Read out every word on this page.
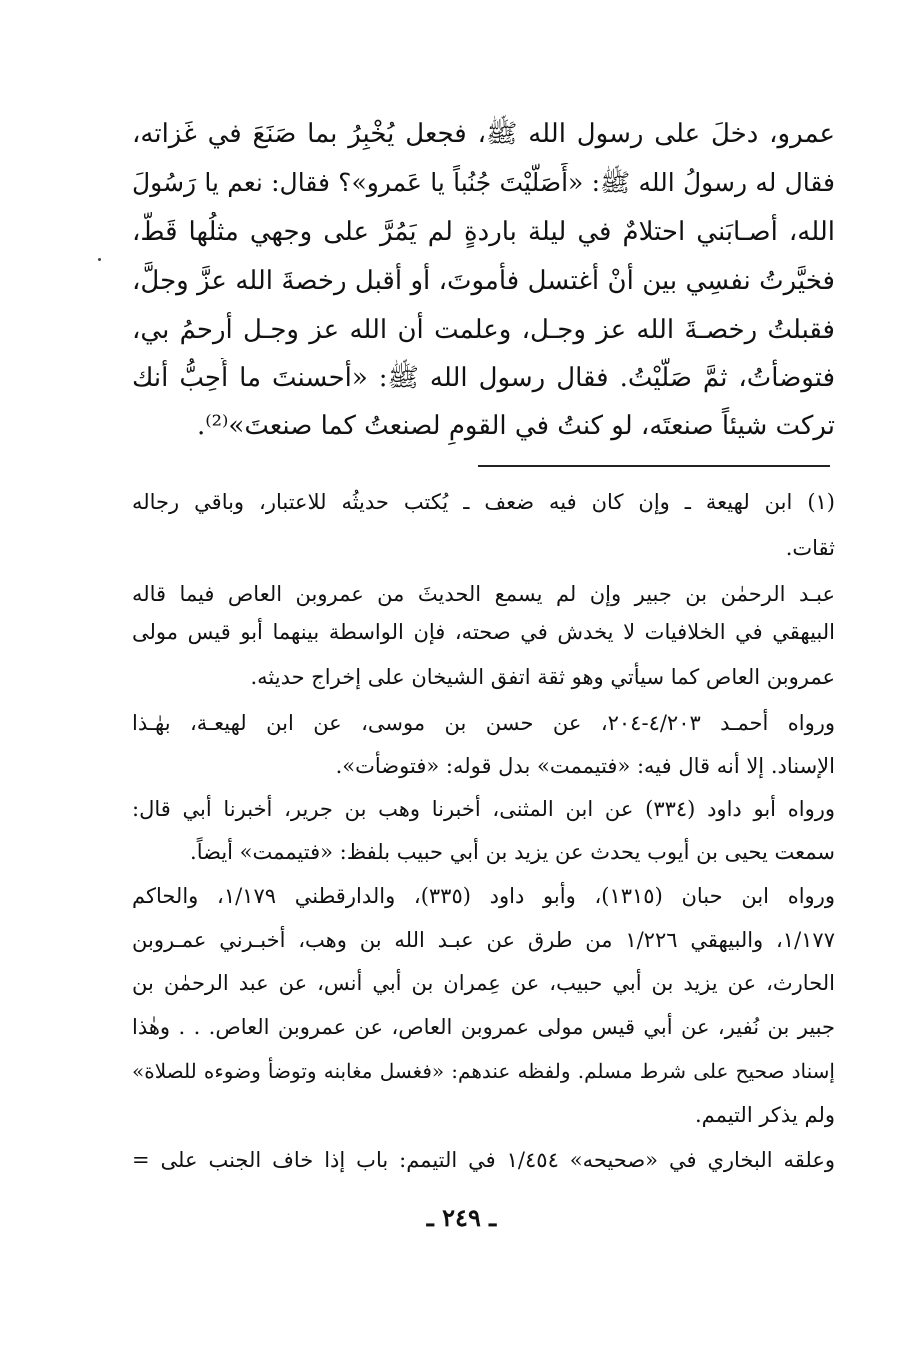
عمرو، دخلَ على رسول الله ﷺ، فجعل يُخْبِرُ بما صَنَعَ في غَزاته،
فقال له رسولُ الله ﷺ: «أَصَلَّيْتَ جُنُباً يا عَمرو»؟ فقال: نعم يا رَسُولَ
الله، أصـابَني احتلامٌ في ليلة باردةٍ لم يَمُرَّ على وجهي مثلُها قَطُّ،
فخيَّرتُ نفسِي بين أنْ أغتسل فأموتَ، أو أقبل رخصةَ الله عزَّ وجلَّ،
فقبلتُ رخصـةَ الله عز وجـل، وعلمت أن الله عز وجـل أرحمُ بي،
فتوضأْتُ، ثمَّ صَلَّيْتُ. فقال رسول الله ﷺ: «أحسنتَ ما أُحِبُّ أنك
تركت شيئاً صنعتَه، لو كنتُ في القومِ لصنعتُ كما صنعتَ»⁽²⁾.
(١) ابن لهيعة ـ وإن كان فيه ضعف ـ يُكتب حديثُه للاعتبار، وباقي رجاله
ثقات.
عبـد الرحمٰن بن جبير وإن لم يسمع الحديثَ من عمروبن العاص فيما قاله
البيهقي في الخلافيات لا يخدش في صحته، فإن الواسطة بينهما أبو قيس مولى
عمروبن العاص كما سيأتي وهو ثقة اتفق الشيخان على إخراج حديثه.
ورواه أحمـد ٤/٢٠٣-٢٠٤، عن حسن بن موسى، عن ابن لهيعـة، بهٰـذا
الإسناد. إلا أنه قال فيه: «فتيممت» بدل قوله: «فتوضأت».
ورواه أبو داود (٣٣٤) عن ابن المثنى، أخبرنا وهب بن جرير، أخبرنا أبي قال:
سمعت يحيى بن أيوب يحدث عن يزيد بن أبي حبيب بلفظ: «فتيممت» أيضاً.
ورواه ابن حبان (١٣١٥)، وأبو داود (٣٣٥)، والدارقطني ١/١٧٩، والحاكم
١/١٧٧، والبيهقي ١/٢٢٦ من طرق عن عبـد الله بن وهب، أخبـرني عمـروبن
الحارث، عن يزيد بن أبي حبيب، عن عِمران بن أبي أنس، عن عبد الرحمٰن بن
جبير بن نُفير، عن أبي قيس مولى عمروبن العاص، عن عمروبن العاص. . . وهٰذا
إسناد صحيح على شرط مسلم. ولفظه عندهم: «فغسل مغابنه وتوضأ وضوءه للصلاة»
ولم يذكر التيمم.
وعلقه البخاري في «صحيحه» ١/٤٥٤ في التيمم: باب إذا خاف الجنب على =
ـ ٢٤٩ ـ
